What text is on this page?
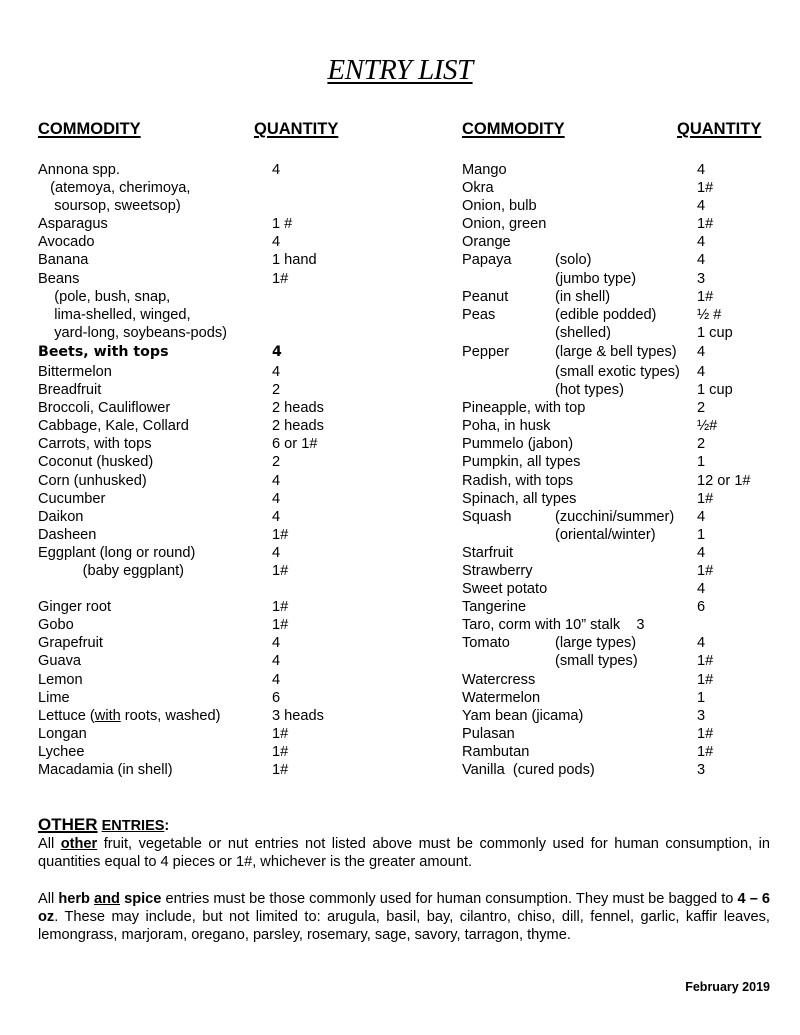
ENTRY LIST
COMMODITY	QUANTITY	COMMODITY	QUANTITY
Annona spp.	4
(atemoya, cherimoya,
soursop, sweetsop)
Asparagus	1 #
Avocado	4
Banana	1 hand
Beans	1#
(pole, bush, snap,
lima-shelled, winged,
yard-long, soybeans-pods)
Beets, with tops	4
Bittermelon	4
Breadfruit	2
Broccoli, Cauliflower	2 heads
Cabbage, Kale, Collard	2 heads
Carrots, with tops	6 or 1#
Coconut (husked)	2
Corn (unhusked)	4
Cucumber	4
Daikon	4
Dasheen	1#
Eggplant (long or round)	4
(baby eggplant)	1#
Ginger root	1#
Gobo	1#
Grapefruit	4
Guava	4
Lemon	4
Lime	6
Lettuce (with roots, washed)	3 heads
Longan	1#
Lychee	1#
Macadamia (in shell)	1#
Mango	4
Okra	1#
Onion, bulb	4
Onion, green	1#
Orange	4
Papaya	(solo)	4
(jumbo type)	3
Peanut	(in shell)	1#
Peas	(edible podded)	½ #
(shelled)	1 cup
Pepper	(large & bell types) 4
(small exotic types) 4
(hot types)	1 cup
Pineapple, with top	2
Poha, in husk	½#
Pummelo (jabon)	2
Pumpkin, all types	1
Radish, with tops	12 or 1#
Spinach, all types	1#
Squash	(zucchini/summer) 4
(oriental/winter)	1
Starfruit	4
Strawberry	1#
Sweet potato	4
Tangerine	6
Taro, corm with 10” stalk    3
Tomato	(large types)	4
(small types)	1#
Watercress	1#
Watermelon	1
Yam bean (jicama)	3
Pulasan	1#
Rambutan	1#
Vanilla  (cured pods)	3
OTHER ENTRIES:
All other fruit, vegetable or nut entries not listed above must be commonly used for human consumption, in quantities equal to 4 pieces or 1#, whichever is the greater amount.
All herb and spice entries must be those commonly used for human consumption. They must be bagged to 4 – 6 oz. These may include, but not limited to: arugula, basil, bay, cilantro, chiso, dill, fennel, garlic, kaffir leaves, lemongrass, marjoram, oregano, parsley, rosemary, sage, savory, tarragon, thyme.
February 2019
